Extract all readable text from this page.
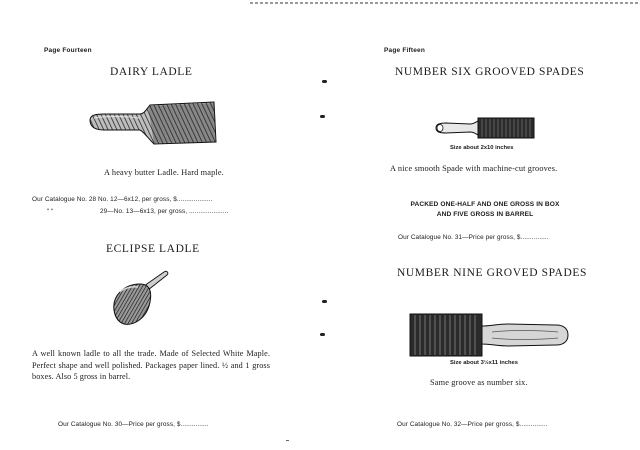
Page Fourteen
DAIRY LADLE
A heavy butter Ladle. Hard maple.
Our Catalogue No. 28 No. 12—6x12, per gross, $...................
“ “	29—No. 13—6x13, per gross, .....................
ECLIPSE LADLE
A well known ladle to all the trade. Made of Selected White Maple. Perfect shape and well polished. Packages paper lined. ½ and 1 gross boxes. Also 5 gross in barrel.
Our Catalogue No. 30—Price per gross, $...............
Page Fifteen
NUMBER SIX GROOVED SPADES
Size about 2x10 inches
A nice smooth Spade with machine-cut grooves.
PACKED ONE-HALF AND ONE GROSS IN BOX
AND FIVE GROSS IN BARREL
Our Catalogue No. 31—Price per gross, $...............
NUMBER NINE GROVED SPADES
Size about 3½x11 inches
Same groove as number six.
Our Catalogue No. 32—Price per gross, $...............
